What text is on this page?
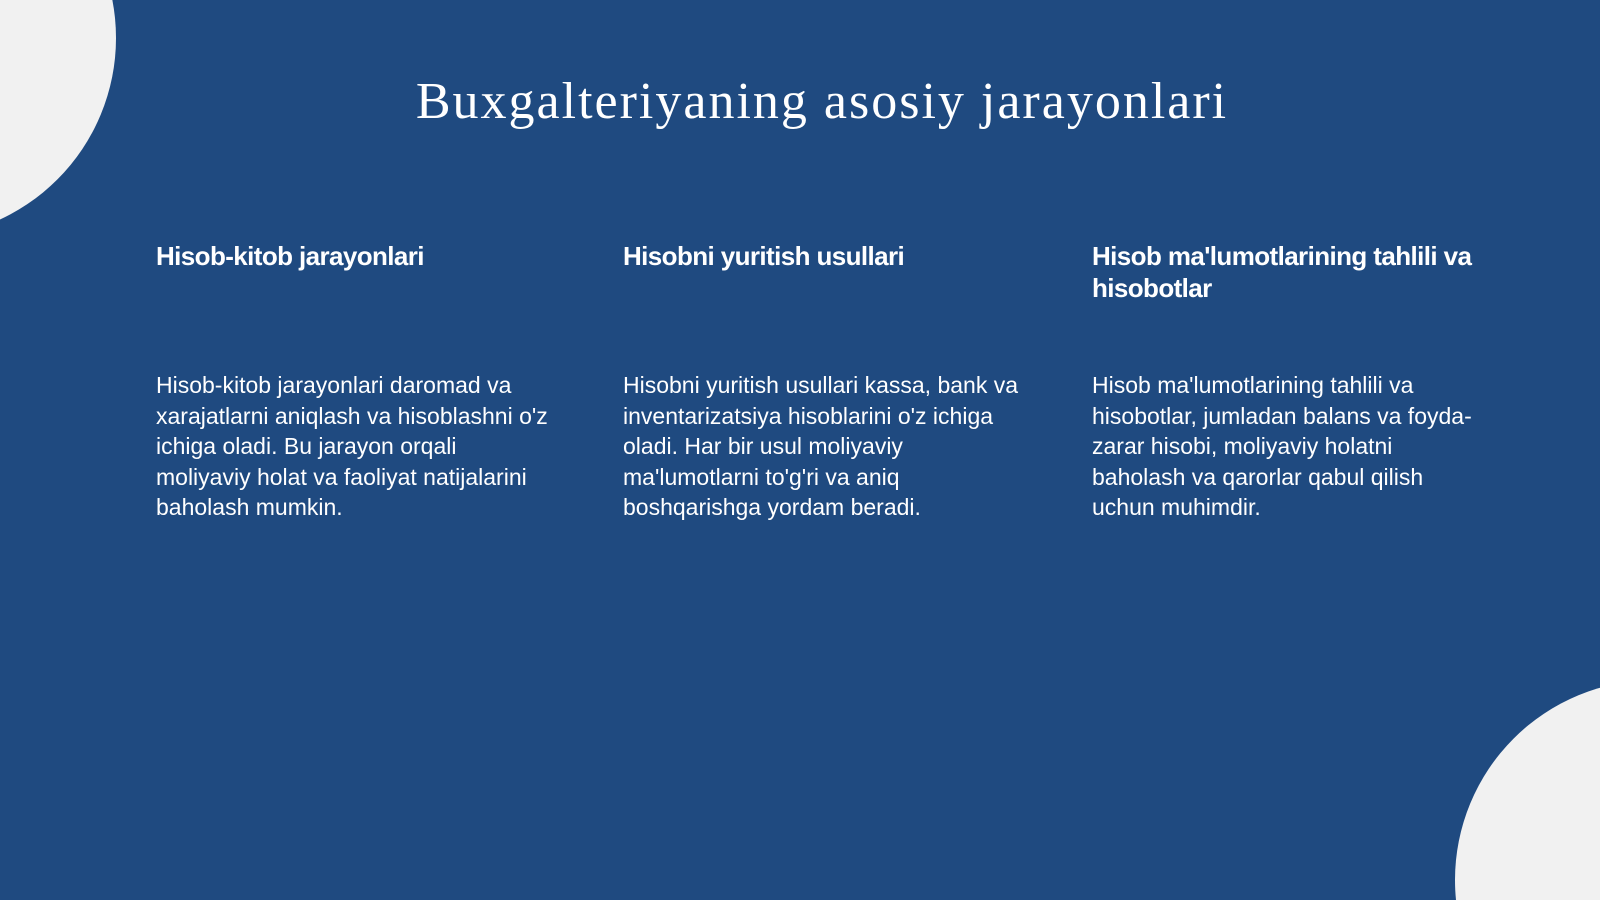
Buxgalteriyaning asosiy jarayonlari
Hisob-kitob jarayonlari

Hisob-kitob jarayonlari daromad va xarajatlarni aniqlash va hisoblashni o'z ichiga oladi. Bu jarayon orqali moliyaviy holat va faoliyat natijalarini baholash mumkin.

Hisobni yuritish usullari

Hisobni yuritish usullari kassa, bank va inventarizatsiya hisoblarini o'z ichiga oladi. Har bir usul moliyaviy ma'lumotlarni to'g'ri va aniq boshqarishga yordam beradi.

Hisob ma'lumotlarining tahlili va hisobotlar

Hisob ma'lumotlarining tahlili va hisobotlar, jumladan balans va foyda-zarar hisobi, moliyaviy holatni baholash va qarorlar qabul qilish uchun muhimdir.
